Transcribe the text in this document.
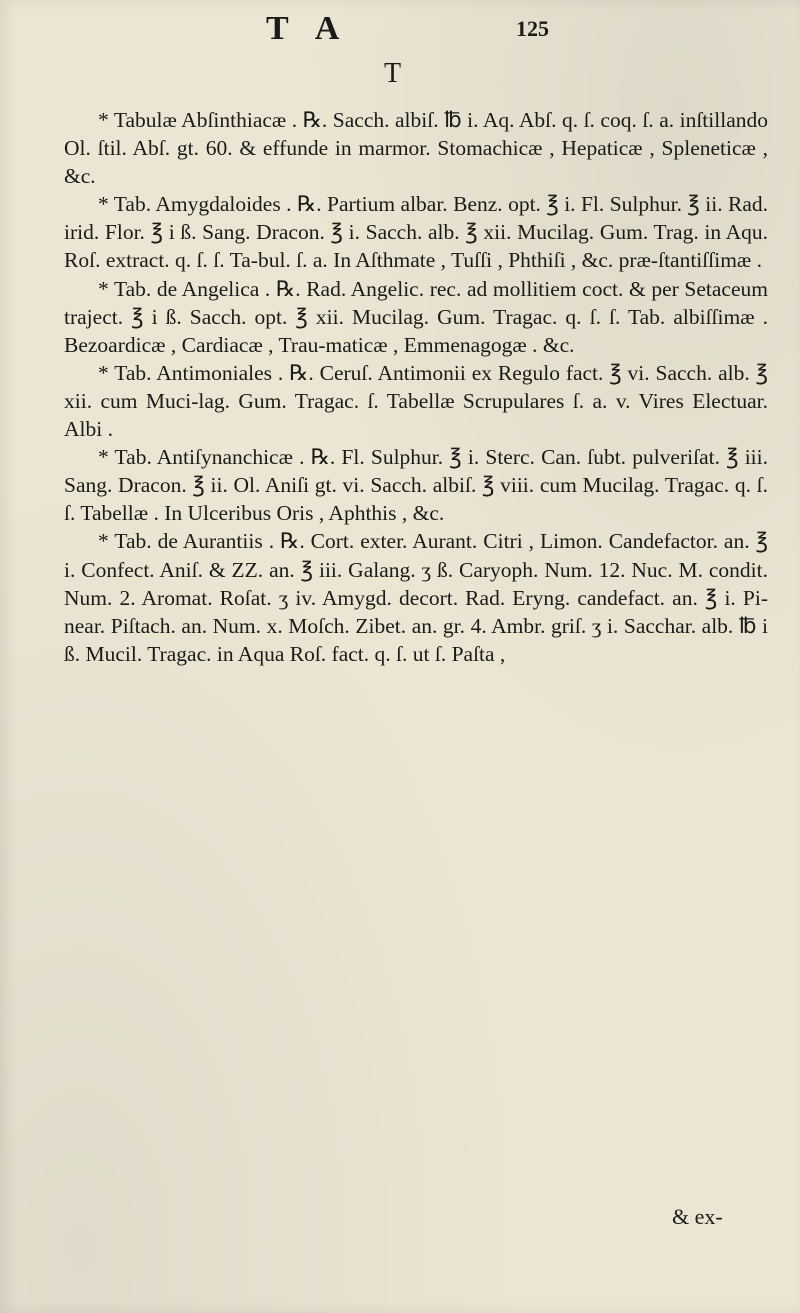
T A	125
T

* Tabulæ Abſinthiacæ . ℞. Sacch. albiſ. ℔ i. Aq. Abſ. q. ſ. coq. ſ. a. inſtillando Ol. ſtil. Abſ. gt. 60. & effunde in marmor. Stomachicæ , Hepaticæ , Spleneticæ , &c.

* Tab. Amygdaloides . ℞. Partium albar. Benz. opt. ℥ i. Fl. Sulphur. ℥ ii. Rad. irid. Flor. ℥ i ß. Sang. Dracon. ℥ i. Sacch. alb. ℥ xii. Mucilag. Gum. Trag. in Aqu. Roſ. extract. q. ſ. ſ. Ta-bul. ſ. a. In Aſthmate , Tuſſi , Phthiſi , &c. præ-ſtantiſſimæ .

* Tab. de Angelica . ℞. Rad. Angelic. rec. ad mollitiem coct. & per Setaceum traject. ℥ i ß. Sacch. opt. ℥ xii. Mucilag. Gum. Tragac. q. ſ. ſ. Tab. albiſſimæ . Bezoardicæ , Cardiacæ , Trau-maticæ , Emmenagogæ . &c.

* Tab. Antimoniales . ℞. Ceruſ. Antimonii ex Regulo fact. ℥ vi. Sacch. alb. ℥ xii. cum Muci-lag. Gum. Tragac. ſ. Tabellæ Scrupulares ſ. a. v. Vires Electuar. Albi .

* Tab. Antiſynanchicæ . ℞. Fl. Sulphur. ℥ i. Sterc. Can. ſubt. pulveriſat. ℥ iii. Sang. Dracon. ℥ ii. Ol. Aniſi gt. vi. Sacch. albiſ. ℥ viii. cum Mucilag. Tragac. q. ſ. ſ. Tabellæ . In Ulceribus Oris , Aphthis , &c.

* Tab. de Aurantiis . ℞. Cort. exter. Aurant. Citri , Limon. Candefactor. an. ℥ i. Confect. Aniſ. & ZZ. an. ℥ iii. Galang. ʒ ß. Caryoph. Num. 12. Nuc. M. condit. Num. 2. Aromat. Roſat. ʒ iv. Amygd. decort. Rad. Eryng. candefact. an. ℥ i. Pi-near. Piſtach. an. Num. x. Moſch. Zibet. an. gr. 4. Ambr. griſ. ʒ i. Sacchar. alb. ℔ i ß. Mucil. Tragac. in Aqua Roſ. fact. q. ſ. ut ſ. Paſta ,

& ex-
